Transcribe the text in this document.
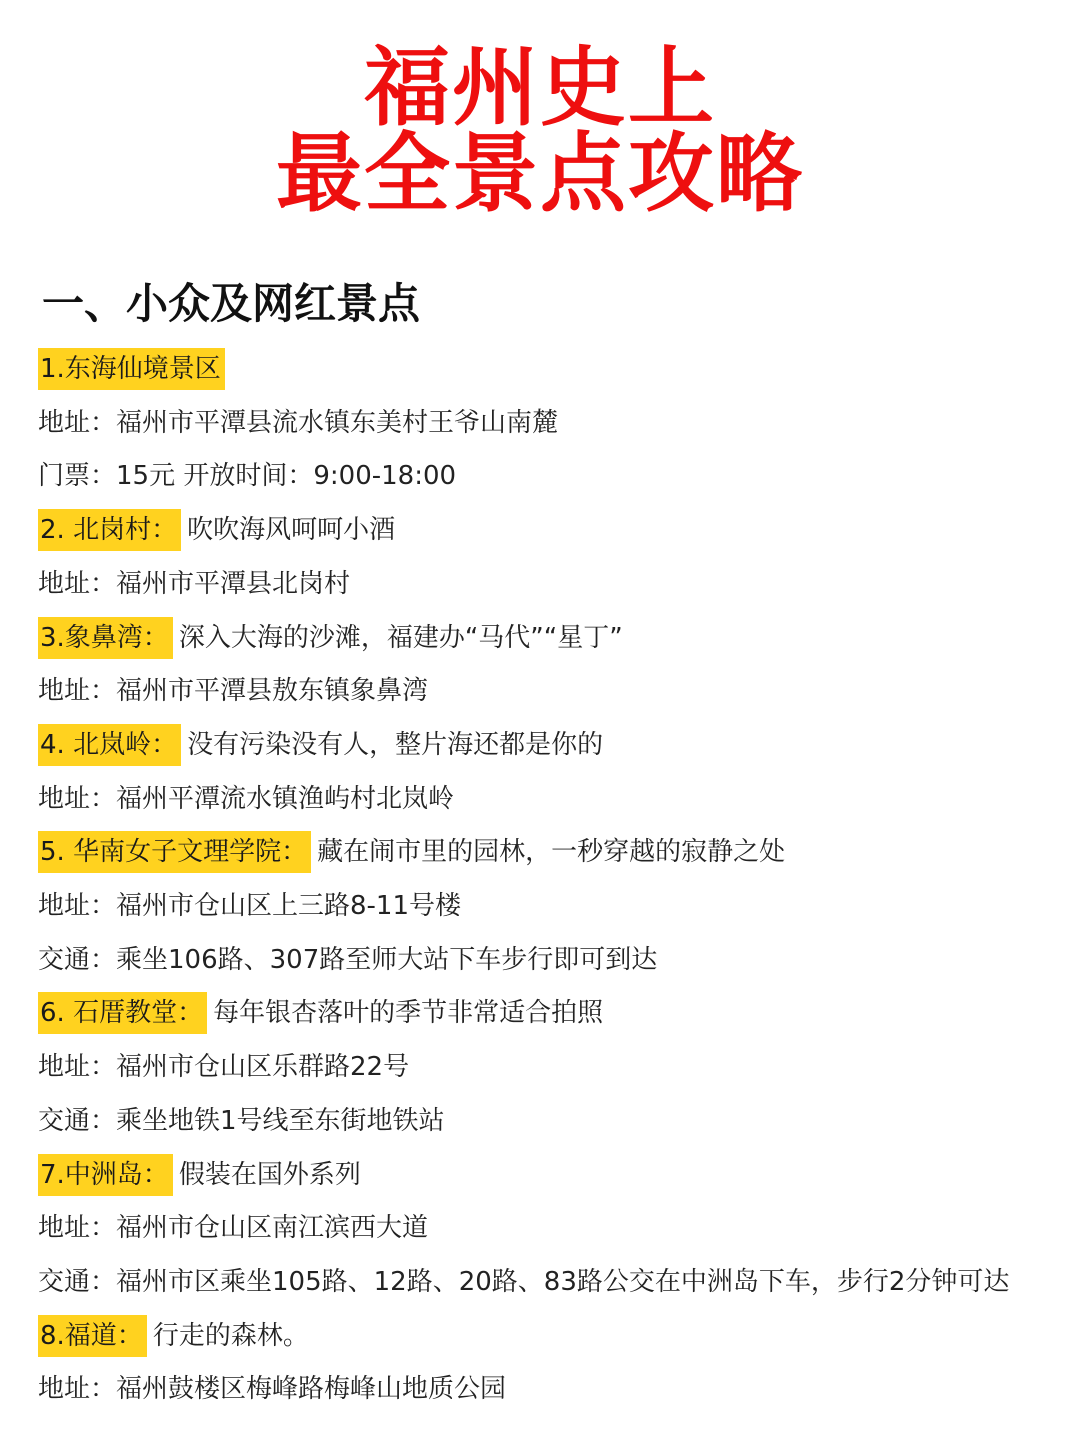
福州史上
最全景点攻略
一、小众及网红景点
1.东海仙境景区
地址：福州市平潭县流水镇东美村王爷山南麓
门票：15元 开放时间：9:00-18:00
2. 北岗村： 吹吹海风呵呵小酒
地址：福州市平潭县北岗村
3.象鼻湾： 深入大海的沙滩，福建办“马代”“星丁”
地址：福州市平潭县敖东镇象鼻湾
4. 北岚岭： 没有污染没有人，整片海还都是你的
地址：福州平潭流水镇渔屿村北岚岭
5. 华南女子文理学院： 藏在闹市里的园林，一秒穿越的寂静之处
地址：福州市仓山区上三路8-11号楼
交通：乘坐106路、307路至师大站下车步行即可到达
6. 石厝教堂： 每年银杏落叶的季节非常适合拍照
地址：福州市仓山区乐群路22号
交通：乘坐地铁1号线至东街地铁站
7.中洲岛： 假装在国外系列
地址：福州市仓山区南江滨西大道
交通：福州市区乘坐105路、12路、20路、83路公交在中洲岛下车，步行2分钟可达
8.福道： 行走的森林。
地址：福州鼓楼区梅峰路梅峰山地质公园
